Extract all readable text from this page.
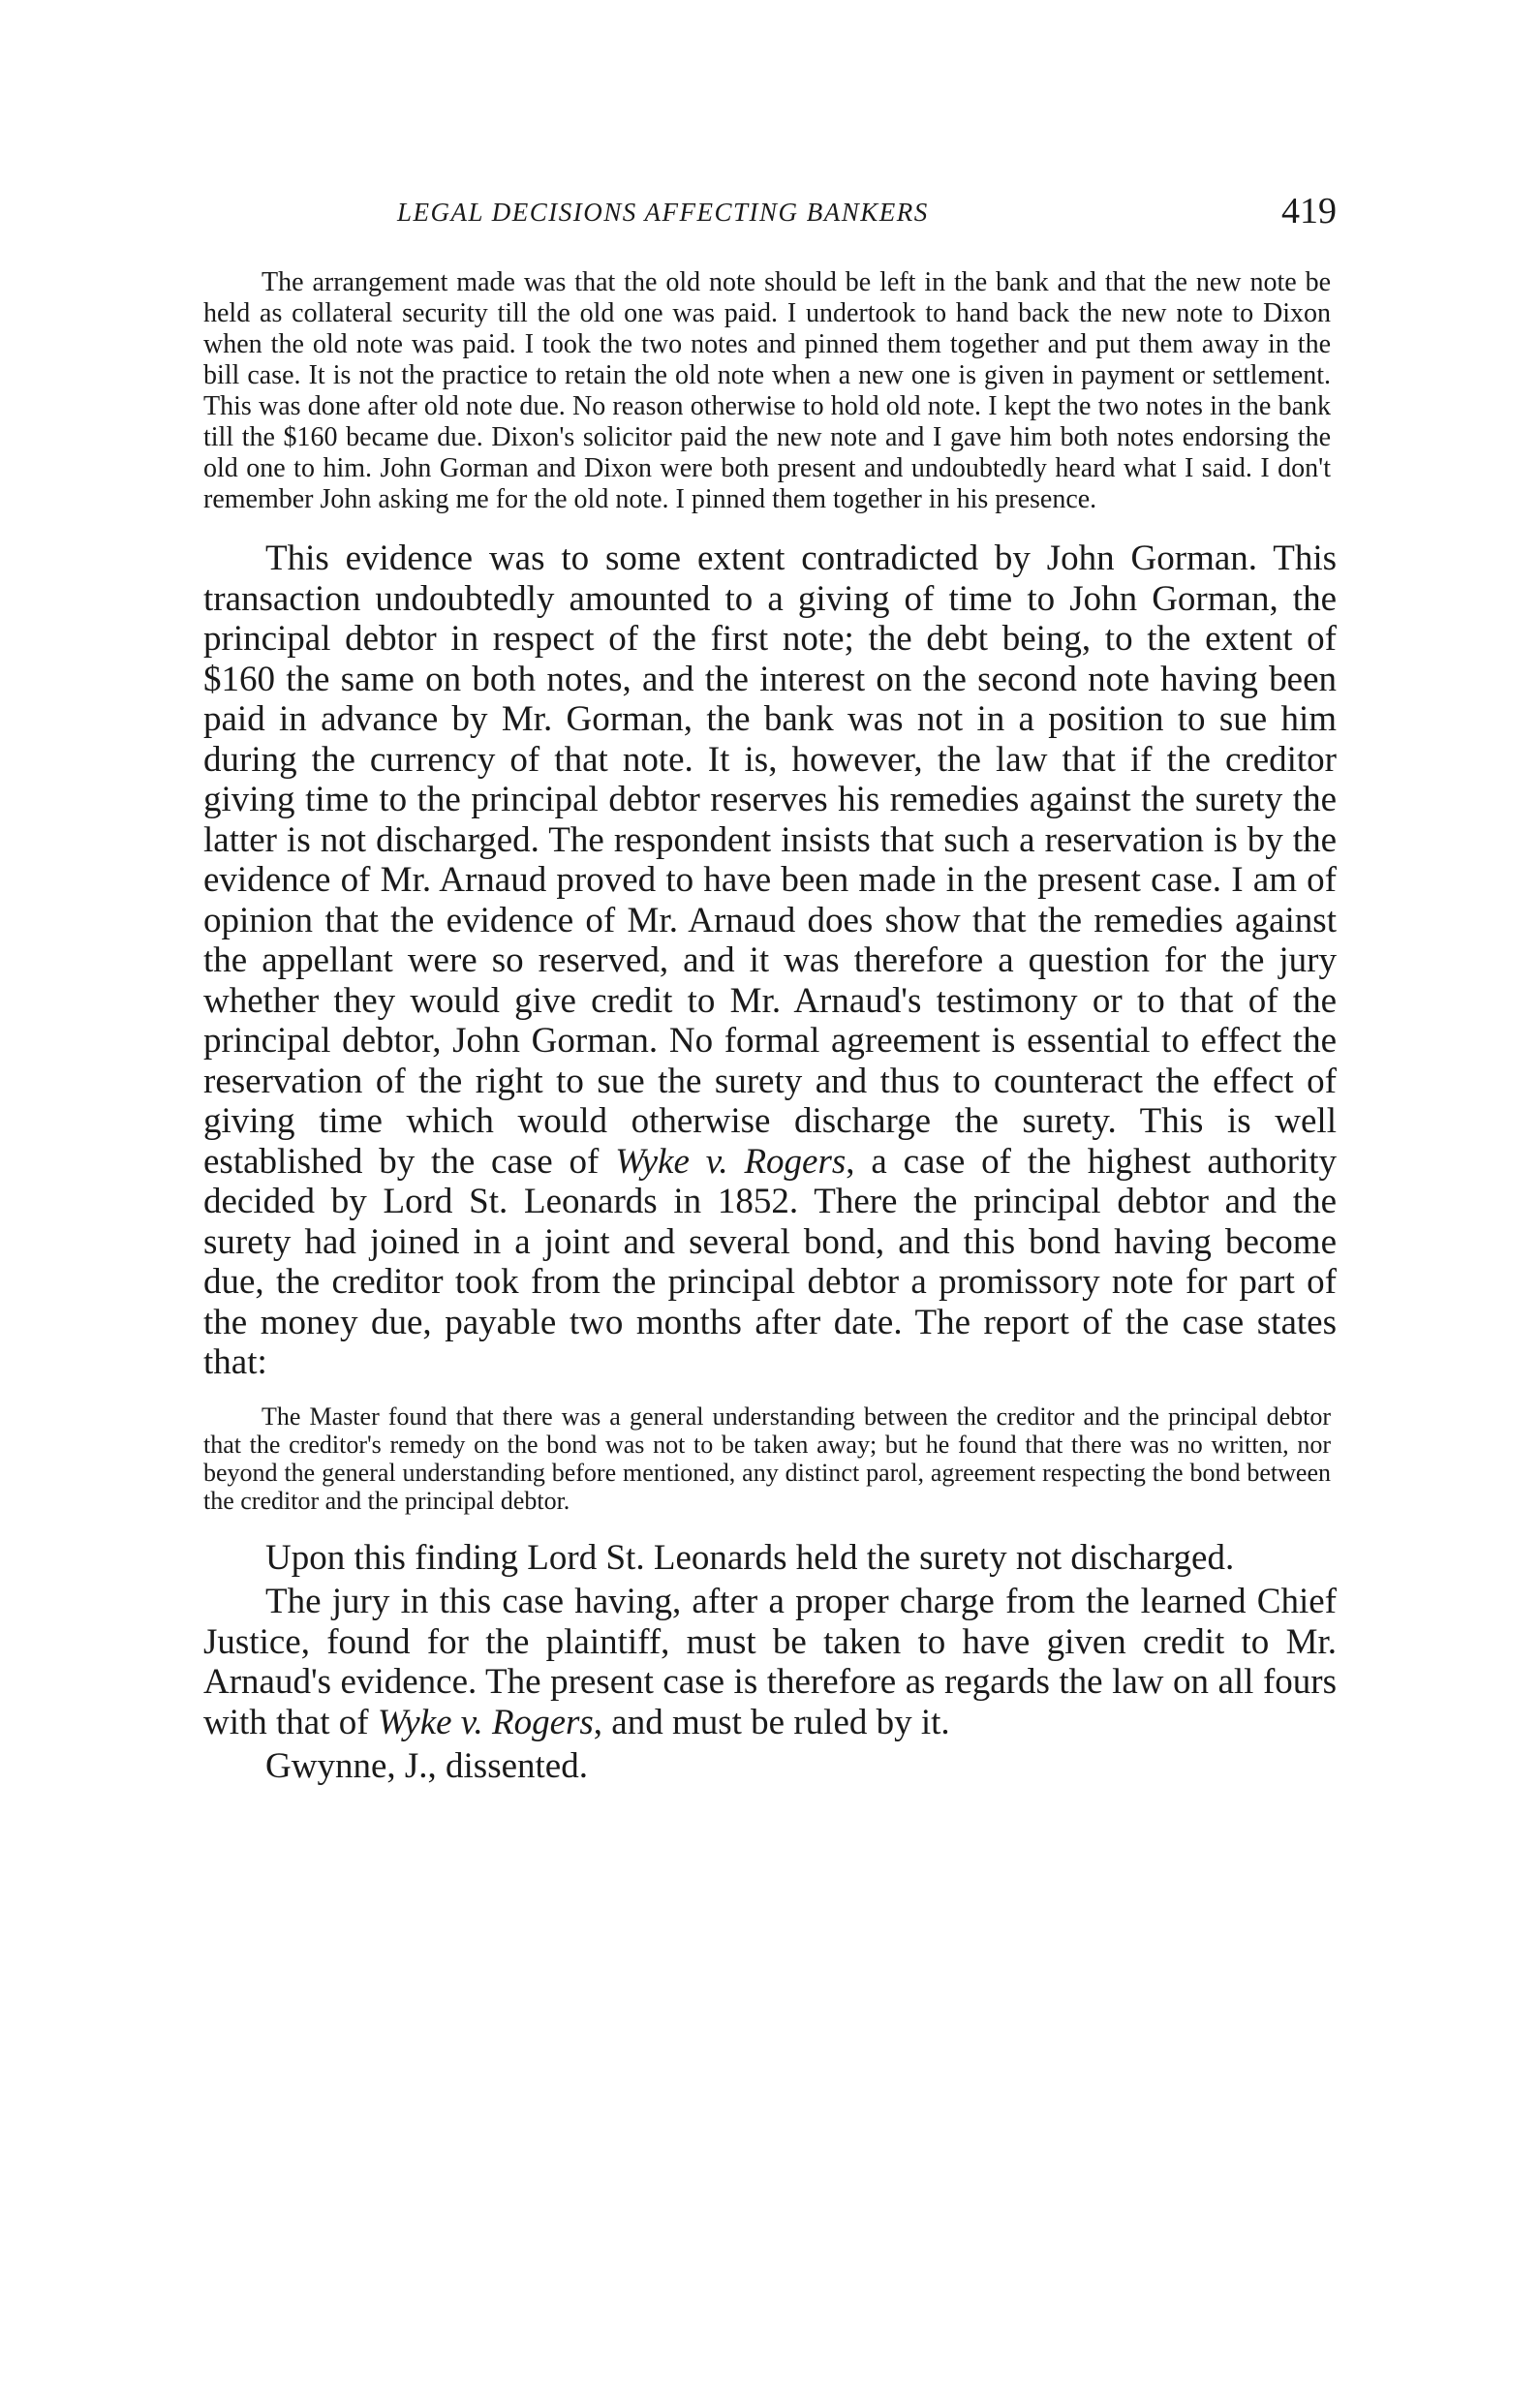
LEGAL DECISIONS AFFECTING BANKERS	419

The arrangement made was that the old note should be left in the bank and that the new note be held as collateral security till the old one was paid. I undertook to hand back the new note to Dixon when the old note was paid. I took the two notes and pinned them together and put them away in the bill case. It is not the practice to retain the old note when a new one is given in payment or settlement. This was done after old note due. No reason otherwise to hold old note. I kept the two notes in the bank till the $160 became due. Dixon's solicitor paid the new note and I gave him both notes endorsing the old one to him. John Gorman and Dixon were both present and undoubtedly heard what I said. I don't remember John asking me for the old note. I pinned them together in his presence.

This evidence was to some extent contradicted by John Gorman. This transaction undoubtedly amounted to a giving of time to John Gorman, the principal debtor in respect of the first note; the debt being, to the extent of $160 the same on both notes, and the interest on the second note having been paid in advance by Mr. Gorman, the bank was not in a position to sue him during the currency of that note. It is, however, the law that if the creditor giving time to the principal debtor reserves his remedies against the surety the latter is not discharged. The respondent insists that such a reservation is by the evidence of Mr. Arnaud proved to have been made in the present case. I am of opinion that the evidence of Mr. Arnaud does show that the remedies against the appellant were so reserved, and it was therefore a question for the jury whether they would give credit to Mr. Arnaud's testimony or to that of the principal debtor, John Gorman. No formal agreement is essential to effect the reservation of the right to sue the surety and thus to counteract the effect of giving time which would otherwise discharge the surety. This is well established by the case of Wyke v. Rogers, a case of the highest authority decided by Lord St. Leonards in 1852. There the principal debtor and the surety had joined in a joint and several bond, and this bond having become due, the creditor took from the principal debtor a promissory note for part of the money due, payable two months after date. The report of the case states that:

The Master found that there was a general understanding between the creditor and the principal debtor that the creditor's remedy on the bond was not to be taken away; but he found that there was no written, nor beyond the general understanding before mentioned, any distinct parol, agreement respecting the bond between the creditor and the principal debtor.

Upon this finding Lord St. Leonards held the surety not discharged.

The jury in this case having, after a proper charge from the learned Chief Justice, found for the plaintiff, must be taken to have given credit to Mr. Arnaud's evidence. The present case is therefore as regards the law on all fours with that of Wyke v. Rogers, and must be ruled by it.

Gwynne, J., dissented.
